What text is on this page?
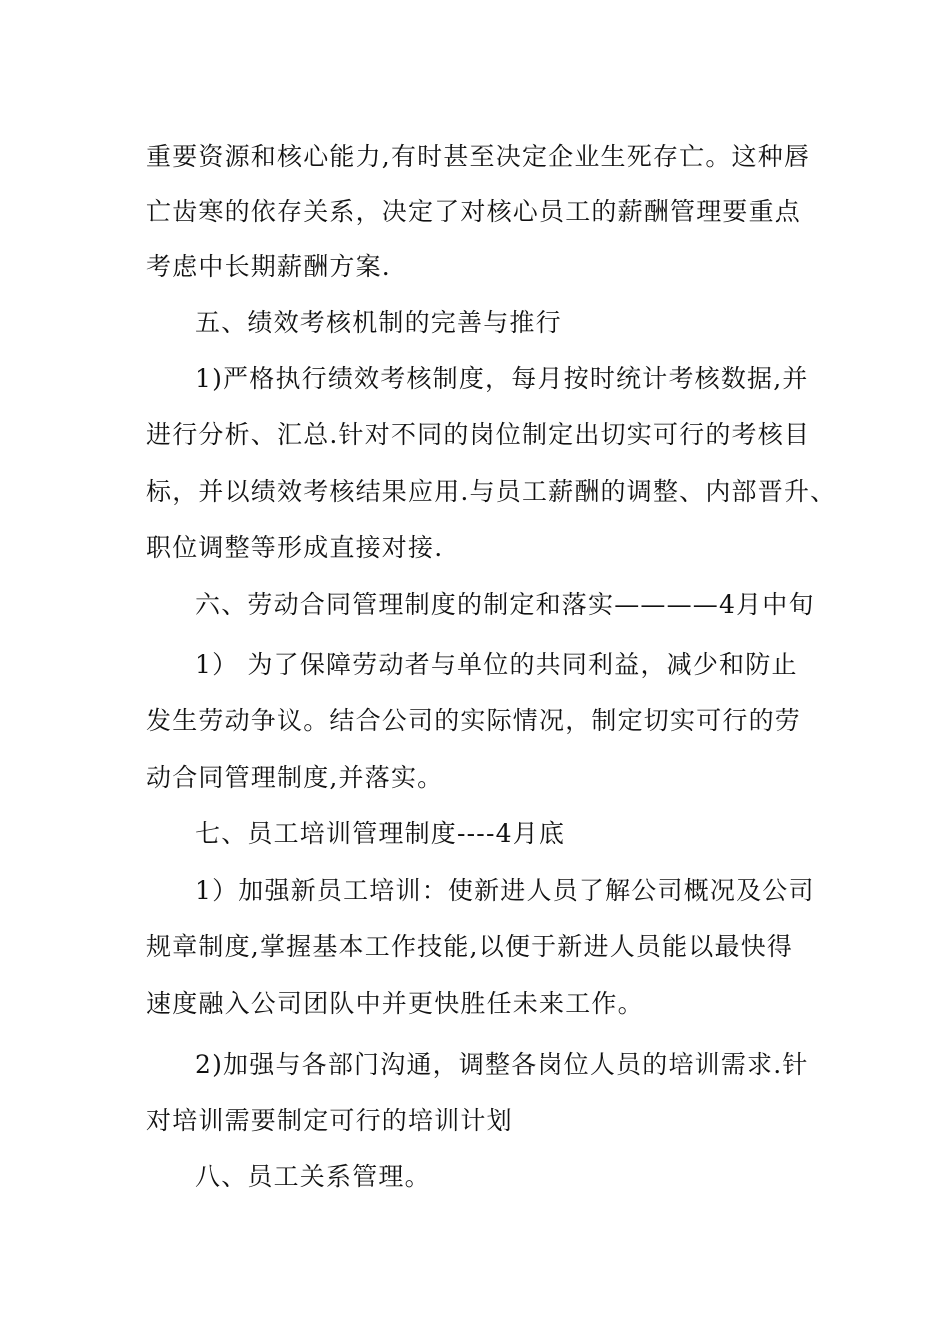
重要资源和核心能力,有时甚至决定企业生死存亡。这种唇
亡齿寒的依存关系，决定了对核心员工的薪酬管理要重点
考虑中长期薪酬方案.
五、绩效考核机制的完善与推行
1)严格执行绩效考核制度，每月按时统计考核数据,并
进行分析、汇总.针对不同的岗位制定出切实可行的考核目
标，并以绩效考核结果应用.与员工薪酬的调整、内部晋升、
职位调整等形成直接对接.
六、劳动合同管理制度的制定和落实————4月中旬
1） 为了保障劳动者与单位的共同利益，减少和防止
发生劳动争议。结合公司的实际情况，制定切实可行的劳
动合同管理制度,并落实。
七、员工培训管理制度----4月底
1）加强新员工培训：使新进人员了解公司概况及公司
规章制度,掌握基本工作技能,以便于新进人员能以最快得
速度融入公司团队中并更快胜任未来工作。
2)加强与各部门沟通，调整各岗位人员的培训需求.针
对培训需要制定可行的培训计划
八、员工关系管理。
